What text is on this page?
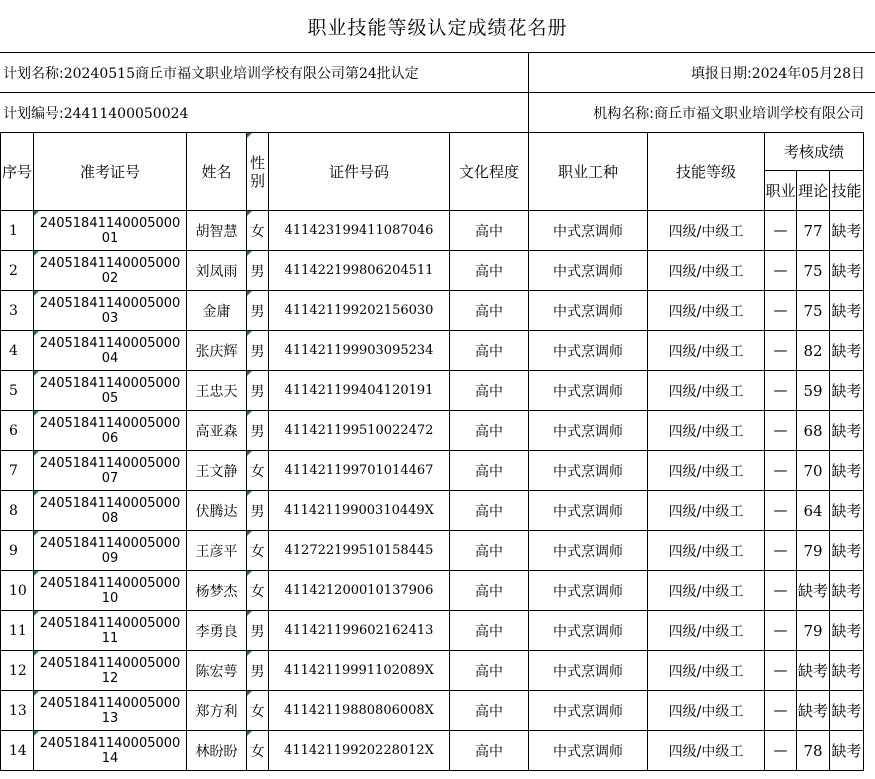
职业技能等级认定成绩花名册
计划名称:20240515商丘市福文职业培训学校有限公司第24批认定	填报日期:2024年05月28日
计划编号:24411400050024	机构名称:商丘市福文职业培训学校有限公司
序号	准考证号	姓名	性别	证件号码	文化程度	职业工种	技能等级	考核成绩		
								职业	理论	技能
1	2405184114000500001	胡智慧	女	411423199411087046	高中	中式烹调师	四级/中级工	—	77	缺考
2	2405184114000500002	刘凤雨	男	411422199806204511	高中	中式烹调师	四级/中级工	—	75	缺考
3	2405184114000500003	金庸	男	411421199202156030	高中	中式烹调师	四级/中级工	—	75	缺考
4	2405184114000500004	张庆辉	男	411421199903095234	高中	中式烹调师	四级/中级工	—	82	缺考
5	2405184114000500005	王忠天	男	411421199404120191	高中	中式烹调师	四级/中级工	—	59	缺考
6	2405184114000500006	高亚森	男	411421199510022472	高中	中式烹调师	四级/中级工	—	68	缺考
7	2405184114000500007	王文静	女	411421199701014467	高中	中式烹调师	四级/中级工	—	70	缺考
8	2405184114000500008	伏腾达	男	41142119900310449X	高中	中式烹调师	四级/中级工	—	64	缺考
9	2405184114000500009	王彦平	女	412722199510158445	高中	中式烹调师	四级/中级工	—	79	缺考
10	2405184114000500010	杨梦杰	女	411421200010137906	高中	中式烹调师	四级/中级工	—	缺考	缺考
11	2405184114000500011	李勇良	男	411421199602162413	高中	中式烹调师	四级/中级工	—	79	缺考
12	2405184114000500012	陈宏萼	男	41142119991102089X	高中	中式烹调师	四级/中级工	—	缺考	缺考
13	2405184114000500013	郑方利	女	41142119880806008X	高中	中式烹调师	四级/中级工	—	缺考	缺考
14	2405184114000500014	林盼盼	女	41142119920228012X	高中	中式烹调师	四级/中级工	—	78	缺考
